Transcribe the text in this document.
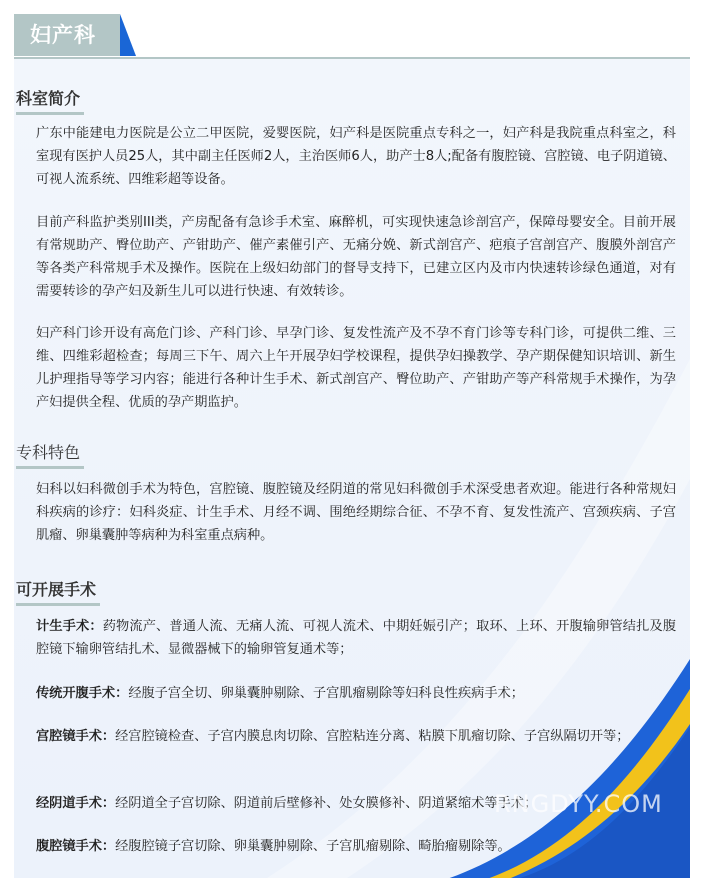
妇产科
科室简介

广东中能建电力医院是公立二甲医院，爱婴医院，妇产科是医院重点专科之一，妇产科是我院重点科室之，科室现有医护人员25人，其中副主任医师2人，主治医师6人，助产士8人;配备有腹腔镜、宫腔镜、电子阴道镜、可视人流系统、四维彩超等设备。

目前产科监护类别III类，产房配备有急诊手术室、麻醉机，可实现快速急诊剖宫产，保障母婴安全。目前开展有常规助产、臀位助产、产钳助产、催产素催引产、无痛分娩、新式剖宫产、疤痕子宫剖宫产、腹膜外剖宫产等各类产科常规手术及操作。医院在上级妇幼部门的督导支持下，已建立区内及市内快速转诊绿色通道，对有需要转诊的孕产妇及新生儿可以进行快速、有效转诊。

妇产科门诊开设有高危门诊、产科门诊、早孕门诊、复发性流产及不孕不育门诊等专科门诊，可提供二维、三维、四维彩超检查；每周三下午、周六上午开展孕妇学校课程，提供孕妇操教学、孕产期保健知识培训、新生儿护理指导等学习内容；能进行各种计生手术、新式剖宫产、臀位助产、产钳助产等产科常规手术操作，为孕产妇提供全程、优质的孕产期监护。

专科特色

妇科以妇科微创手术为特色，宫腔镜、腹腔镜及经阴道的常见妇科微创手术深受患者欢迎。能进行各种常规妇科疾病的诊疗：妇科炎症、计生手术、月经不调、围绝经期综合征、不孕不育、复发性流产、宫颈疾病、子宫肌瘤、卵巢囊肿等病种为科室重点病种。

可开展手术

计生手术：药物流产、普通人流、无痛人流、可视人流术、中期妊娠引产；取环、上环、开腹输卵管结扎及腹腔镜下输卵管结扎术、显微器械下的输卵管复通术等；

传统开腹手术：经腹子宫全切、卵巢囊肿剔除、子宫肌瘤剔除等妇科良性疾病手术；

宫腔镜手术：经宫腔镜检查、子宫内膜息肉切除、宫腔粘连分离、粘膜下肌瘤切除、子宫纵隔切开等；

经阴道手术：经阴道全子宫切除、阴道前后壁修补、处女膜修补、阴道紧缩术等手术；

腹腔镜手术：经腹腔镜子宫切除、卵巢囊肿剔除、子宫肌瘤剔除、畸胎瘤剔除等。

RNGDYY.COM
